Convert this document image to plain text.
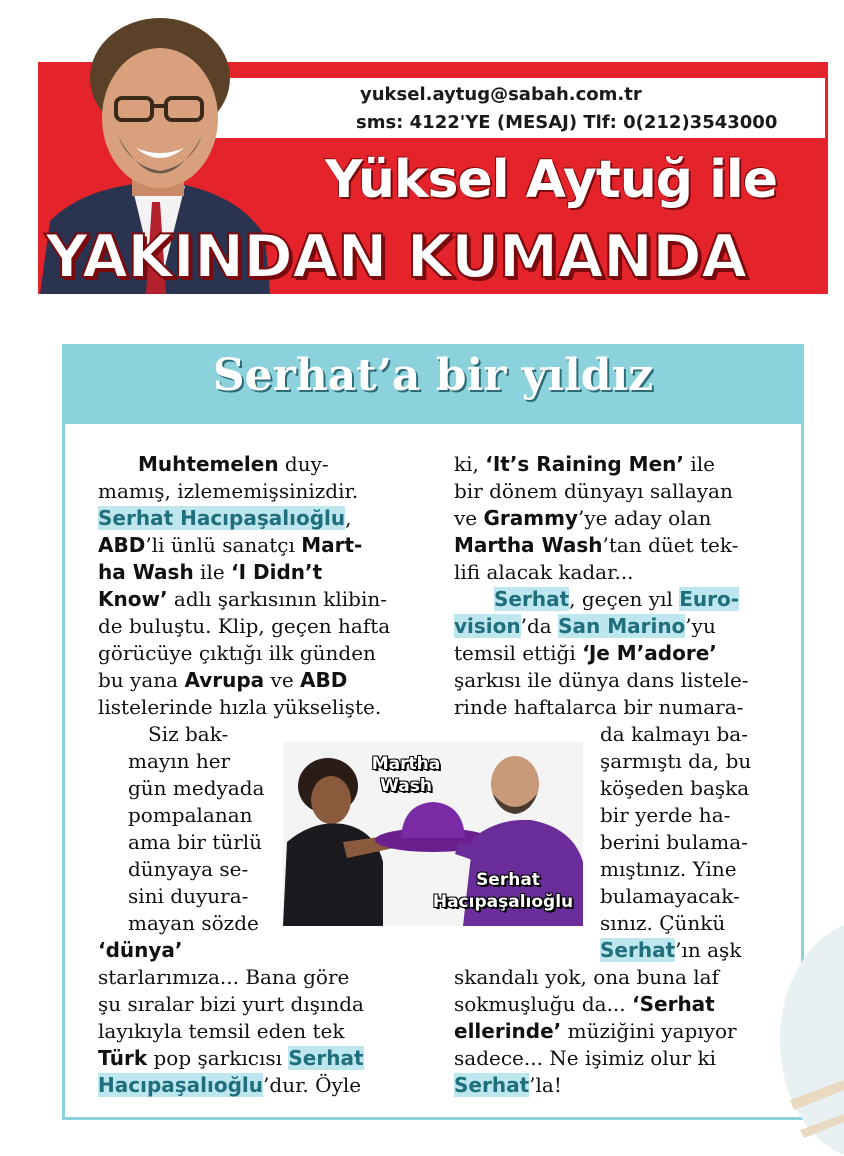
yuksel.aytug@sabah.com.tr
sms: 4122'YE (MESAJ) Tlf: 0(212)3543000
Yüksel Aytuğ ile
YAKINDAN KUMANDA
Serhat’a bir yıldız
Muhtemelen duy-
mamış, izlememişsinizdir.
Serhat Hacıpaşalıoğlu,
ABD’li ünlü sanatçı Mart-
ha Wash ile ‘I Didn’t
Know’ adlı şarkısının klibin-
de buluştu. Klip, geçen hafta
görücüye çıktığı ilk günden
bu yana Avrupa ve ABD
listelerinde hızla yükselişte.
Siz bak-
mayın her
gün medyada
pompalanan
ama bir türlü
dünyaya se-
sini duyura-
mayan sözde
‘dünya’
starlarımıza... Bana göre
şu sıralar bizi yurt dışında
layıkıyla temsil eden tek
Türk pop şarkıcısı Serhat
Hacıpaşalıoğlu’dur. Öyle
ki, ‘It’s Raining Men’ ile
bir dönem dünyayı sallayan
ve Grammy’ye aday olan
Martha Wash’tan düet tek-
lifi alacak kadar...
Serhat, geçen yıl Euro-
vision’da San Marino’yu
temsil ettiği ‘Je M’adore’
şarkısı ile dünya dans listele-
rinde haftalarca bir numara-
da kalmayı ba-
şarmıştı da, bu
köşeden başka
bir yerde ha-
berini bulama-
mıştınız. Yine
bulamayacak-
sınız. Çünkü
Serhat’ın aşk
skandalı yok, ona buna laf
sokmuşluğu da... ‘Serhat
ellerinde’ müziğini yapıyor
sadece... Ne işimiz olur ki
Serhat’la!
Martha
Wash
Serhat
Hacıpaşalıoğlu
